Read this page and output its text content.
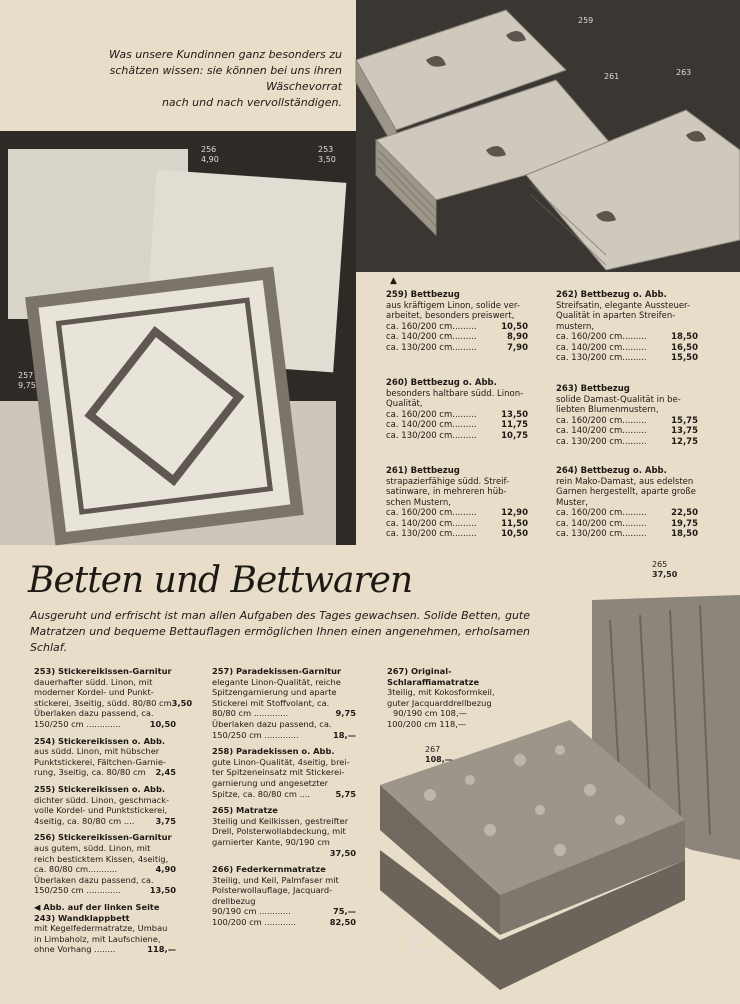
Was unsere Kundinnen ganz besonders zu
schätzen wissen: sie können bei uns ihren Wäschevorrat
nach und nach vervollständigen.
259
261	263
256
4,90
253
3,50
257
9,75
▲
259) Bettbezug
aus kräftigem Linon, solide ver-
arbeitet, besonders preiswert,
ca. 160/200 cm.........	10,50
ca. 140/200 cm.........	8,90
ca. 130/200 cm.........	7,90
260) Bettbezug o. Abb.
besonders haltbare südd. Linon-
Qualität,
ca. 160/200 cm.........	13,50
ca. 140/200 cm.........	11,75
ca. 130/200 cm.........	10,75
261) Bettbezug
strapazierfähige südd. Streif-
satinware, in mehreren hüb-
schen Mustern,
ca. 160/200 cm.........	12,90
ca. 140/200 cm.........	11,50
ca. 130/200 cm.........	10,50
262) Bettbezug o. Abb.
Streifsatin, elegante Aussteuer-
Qualität in aparten Streifen-
mustern,
ca. 160/200 cm.........	18,50
ca. 140/200 cm.........	16,50
ca. 130/200 cm.........	15,50
263) Bettbezug
solide Damast-Qualität in be-
liebten Blumenmustern,
ca. 160/200 cm.........	15,75
ca. 140/200 cm.........	13,75
ca. 130/200 cm.........	12,75
264) Bettbezug o. Abb.
rein Mako-Damast, aus edelsten
Garnen hergestellt, aparte große
Muster,
ca. 160/200 cm.........	22,50
ca. 140/200 cm.........	19,75
ca. 130/200 cm.........	18,50
Betten und Bettwaren
Ausgeruht und erfrischt ist man allen Aufgaben des Tages gewachsen. Solide Betten, gute Matratzen und bequeme Bettauflagen ermöglichen Ihnen einen angenehmen, erholsamen Schlaf.
265
37,50
267
108,—
266
75,—
253) Stickereikissen-Garnitur
dauerhafter südd. Linon, mit
moderner Kordel- und Punkt-
stickerei, 3seitig, südd. 80/80 cm 3,50
Überlaken dazu passend, ca.
150/250 cm .............	10,50
254) Stickereikissen o. Abb.
aus südd. Linon, mit hübscher
Punktstickerei, Fältchen-Garnie-
rung, 3seitig, ca. 80/80 cm	2,45
255) Stickereikissen o. Abb.
dichter südd. Linon, geschmack-
volle Kordel- und Punktstickerei,
4seitig, ca. 80/80 cm ....	3,75
256) Stickereikissen-Garnitur
aus gutem, südd. Linon, mit
reich besticktem Kissen, 4seitig,
ca. 80/80 cm...........	4,90
Überlaken dazu passend, ca.
150/250 cm .............	13,50
◀ Abb. auf der linken Seite
243) Wandklappbett
mit Kegelfedermatratze, Umbau
in Limbaholz, mit Laufschiene,
ohne Vorhang ........	118,—
257) Paradekissen-Garnitur
elegante Linon-Qualität, reiche
Spitzengarnierung und aparte
Stickerei mit Stoffvolant, ca.
80/80 cm .............	9,75
Überlaken dazu passend, ca.
150/250 cm .............	18,—
258) Paradekissen o. Abb.
gute Linon-Qualität, 4seitig, brei-
ter Spitzeneinsatz mit Stickerei-
garnierung und angesetzter
Spitze, ca. 80/80 cm ....	5,75
265) Matratze
3teilig und Keilkissen, gestreifter
Drell, Polsterwollabdeckung, mit
garnierter Kante, 90/190 cm
37,50
266) Federkernmatratze
3teilig, und Keil, Palmfaser mit
Polsterwollauflage, Jacquard-
drellbezug
90/190 cm ............	75,—
100/200 cm ............	82,50
267) Original-
Schlaraffiamatratze
3teilig, mit Kokosformkeil,
guter Jacquarddrellbezug
90/190 cm 108,—
100/200 cm 118,—
